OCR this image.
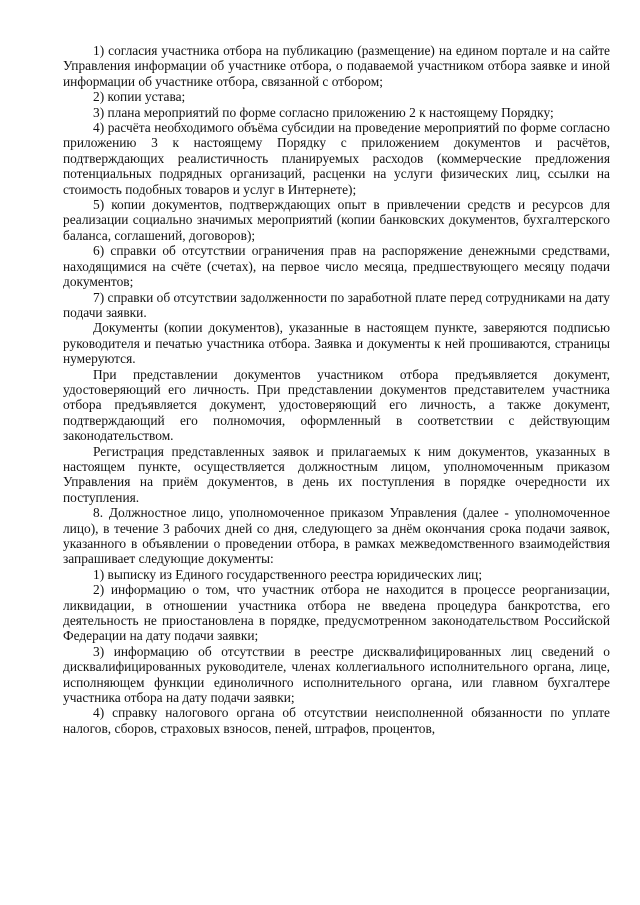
1) согласия участника отбора на публикацию (размещение) на едином портале и на сайте Управления информации об участнике отбора, о подаваемой участником отбора заявке и иной информации об участнике отбора, связанной с отбором;

2) копии устава;

3) плана мероприятий по форме согласно приложению 2 к настоящему Порядку;

4) расчёта необходимого объёма субсидии на проведение мероприятий по форме согласно приложению 3 к настоящему Порядку с приложением документов и расчётов, подтверждающих реалистичность планируемых расходов (коммерческие предложения потенциальных подрядных организаций, расценки на услуги физических лиц, ссылки на стоимость подобных товаров и услуг в Интернете);

5) копии документов, подтверждающих опыт в привлечении средств и ресурсов для реализации социально значимых мероприятий (копии банковских документов, бухгалтерского баланса, соглашений, договоров);

6) справки об отсутствии ограничения прав на распоряжение денежными средствами, находящимися на счёте (счетах), на первое число месяца, предшествующего месяцу подачи документов;

7) справки об отсутствии задолженности по заработной плате перед сотрудниками на дату подачи заявки.

Документы (копии документов), указанные в настоящем пункте, заверяются подписью руководителя и печатью участника отбора. Заявка и документы к ней прошиваются, страницы нумеруются.

При представлении документов участником отбора предъявляется документ, удостоверяющий его личность. При представлении документов представителем участника отбора предъявляется документ, удостоверяющий его личность, а также документ, подтверждающий его полномочия, оформленный в соответствии с действующим законодательством.

Регистрация представленных заявок и прилагаемых к ним документов, указанных в настоящем пункте, осуществляется должностным лицом, уполномоченным приказом Управления на приём документов, в день их поступления в порядке очередности их поступления.

8. Должностное лицо, уполномоченное приказом Управления (далее - уполномоченное лицо), в течение 3 рабочих дней со дня, следующего за днём окончания срока подачи заявок, указанного в объявлении о проведении отбора, в рамках межведомственного взаимодействия запрашивает следующие документы:

1) выписку из Единого государственного реестра юридических лиц;

2) информацию о том, что участник отбора не находится в процессе реорганизации, ликвидации, в отношении участника отбора не введена процедура банкротства, его деятельность не приостановлена в порядке, предусмотренном законодательством Российской Федерации на дату подачи заявки;

3) информацию об отсутствии в реестре дисквалифицированных лиц сведений о дисквалифицированных руководителе, членах коллегиального исполнительного органа, лице, исполняющем функции единоличного исполнительного органа, или главном бухгалтере участника отбора на дату подачи заявки;

4) справку налогового органа об отсутствии неисполненной обязанности по уплате налогов, сборов, страховых взносов, пеней, штрафов, процентов,
